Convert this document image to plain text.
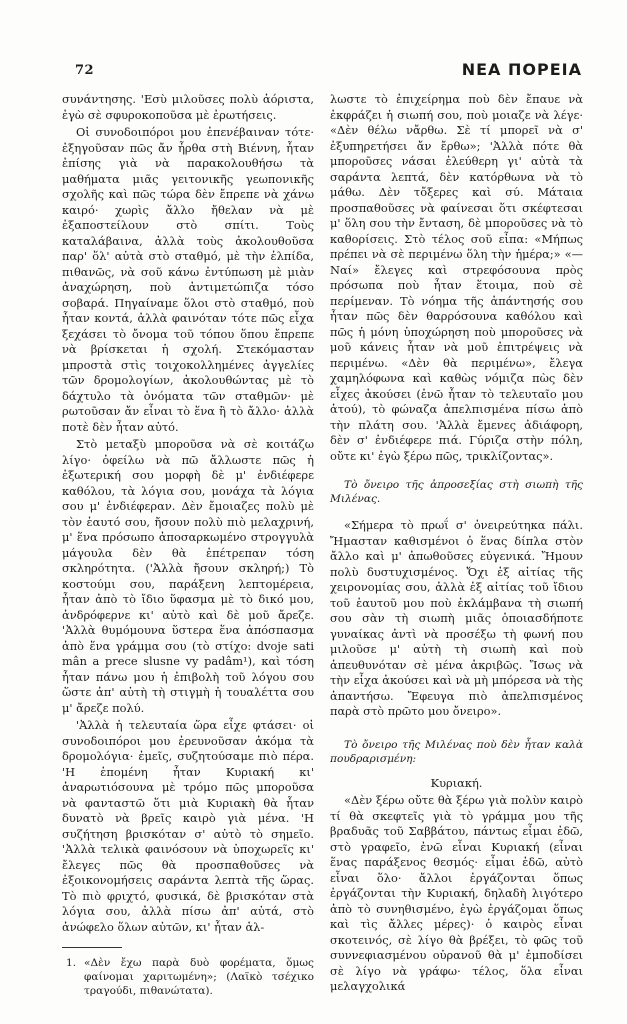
72	ΝΕΑ ΠΟΡΕΙΑ

συνάντησης. 'Εσὺ μιλοῦσες πολὺ ἀόριστα, ἐγὼ σὲ σφυροκοποῦσα μὲ ἐρωτήσεις.

Οἱ συνοδοιπόροι μου ἐπενέβαιναν τότε· ἐξηγοῦσαν πῶς ἄν ἦρθα στὴ Βιέννη, ἦταν ἐπίσης γιὰ νὰ παρακολουθήσω τὰ μαθήματα μιᾶς γειτονικῆς γεωπονικῆς σχολῆς καὶ πῶς τώρα δὲν ἔπρεπε νὰ χάνω καιρό· χωρὶς ἄλλο ἤθελαν νὰ μὲ ἐξαποστείλουν στὸ σπίτι. Τοὺς καταλάβαινα, ἀλλὰ τοὺς ἀκολουθοῦσα παρ' ὅλ' αὐτὰ στὸ σταθμό, μὲ τὴν ἐλπίδα, πιθανῶς, νὰ σοῦ κάνω ἐντύπωση μὲ μιὰν ἀναχώρηση, ποὺ ἀντιμετώπιζα τόσο σοβαρά. Πηγαίναμε ὅλοι στὸ σταθμό, ποὺ ἦταν κοντά, ἀλλὰ φαινόταν τότε πῶς εἶχα ξεχάσει τὸ ὄνομα τοῦ τόπου ὅπου ἔπρεπε νὰ βρίσκεται ἡ σχολή. Στεκόμασταν μπροστὰ στὶς τοιχοκολλημένες ἀγγελίες τῶν δρομολογίων, ἀκολουθώντας μὲ τὸ δάχτυλο τὰ ὀνόματα τῶν σταθμῶν· μὲ ρωτοῦσαν ἄν εἶναι τὸ ἕνα ἢ τὸ ἄλλο· ἀλλὰ ποτὲ δὲν ἦταν αὐτό.

Στὸ μεταξὺ μποροῦσα νὰ σὲ κοιτάζω λίγο· ὀφείλω νὰ πῶ ἄλλωστε πῶς ἡ ἐξωτερική σου μορφὴ δὲ μ' ἐνδιέφερε καθόλου, τὰ λόγια σου, μονάχα τὰ λόγια σου μ' ἐνδιέφεραν. Δὲν ἔμοιαζες πολὺ μὲ τὸν ἑαυτό σου, ἤσουν πολὺ πιὸ μελαχρινή, μ' ἕνα πρόσωπο ἀποσαρκωμένο στρογγυλὰ μάγουλα δὲν θὰ ἐπέτρεπαν τόση σκληρότητα. ('Ἀλλὰ ἤσουν σκληρή;) Τὸ κοστούμι σου, παράξενη λεπτομέρεια, ἦταν ἀπὸ τὸ ἴδιο ὕφασμα μὲ τὸ δικό μου, ἀνδρόφερνε κι' αὐτὸ καὶ δὲ μοῦ ἄρεζε. 'Ἀλλὰ θυμόμουνα ὕστερα ἕνα ἀπόσπασμα ἀπὸ ἕνα γράμμα σου (τὸ στίχο: dvoje sati mân a prece slusne vy padâm¹), καὶ τόση ἦταν πάνω μου ἡ ἐπιβολὴ τοῦ λόγου σου ὥστε ἀπ' αὐτὴ τὴ στιγμὴ ἡ τουαλέττα σου μ' ἄρεζε πολύ.

'Ἀλλὰ ἡ τελευταία ὥρα εἶχε φτάσει· οἱ συνοδοιπόροι μου ἐρευνοῦσαν ἀκόμα τὰ δρομολόγια· ἐμεῖς, συζητούσαμε πιὸ πέρα. 'Η ἑπομένη ἦταν Κυριακή κι' ἀναρωτιόσουνα μὲ τρόμο πῶς μποροῦσα νὰ φανταστῶ ὅτι μιὰ Κυριακὴ θὰ ἦταν δυνατὸ νὰ βρεῖς καιρὸ γιὰ μένα. 'Η συζήτηση βρισκόταν σ' αὐτὸ τὸ σημεῖο. 'Ἀλλὰ τελικὰ φαινόσουν νὰ ὑποχωρεῖς κι' ἔλεγες πῶς θὰ προσπαθοῦσες νὰ ἐξοικονομήσεις σαράντα λεπτὰ τῆς ὥρας. Τὸ πιὸ φριχτό, φυσικά, δὲ βρισκόταν στὰ λόγια σου, ἀλλὰ πίσω ἀπ' αὐτά, στὸ ἀνώφελο ὅλων αὐτῶν, κι' ἦταν ἀλ-

1. «Δὲν ἔχω παρὰ δυὸ φορέματα, ὅμως φαίνομαι χαριτωμένη»; (Λαϊκὸ τσέχικο τραγούδι, πιθανώτατα).

λωστε τὸ ἐπιχείρημα ποὺ δὲν ἔπαυε νὰ ἐκφράζει ἡ σιωπή σου, ποὺ μοιαζε νὰ λέγε· «Δὲν θέλω νἄρθω. Σὲ τί μπορεῖ νὰ σ' ἐξυπηρετήσει ἄν ἔρθω»; 'Ἀλλὰ πότε θὰ μποροῦσες νάσαι ἐλεύθερη γι' αὐτὰ τὰ σαράντα λεπτά, δὲν κατόρθωνα νὰ τὸ μάθω. Δὲν τὄξερες καὶ σύ. Μάταια προσπαθοῦσες νὰ φαίνεσαι ὅτι σκέφτεσαι μ' ὅλη σου τὴν ἔνταση, δὲ μποροῦσες νὰ τὸ καθορίσεις. Στὸ τέλος σοῦ εἶπα: «Μήπως πρέπει νὰ σὲ περιμένω ὅλη τὴν ἡμέρα;» «—Ναί» ἔλεγες καὶ στρεφόσουνα πρὸς πρόσωπα ποὺ ἦταν ἕτοιμα, ποὺ σὲ περίμεναν. Τὸ νόημα τῆς ἀπάντησής σου ἦταν πῶς δὲν θαρρόσουνα καθόλου καὶ πῶς ἡ μόνη ὑποχώρηση ποὺ μποροῦσες νὰ μοῦ κάνεις ἦταν νὰ μοῦ ἐπιτρέψεις νὰ περιμένω. «Δὲν θὰ περιμένω», ἔλεγα χαμηλόφωνα καὶ καθὼς νόμιζα πὼς δὲν εἶχες ἀκούσει (ἐνῶ ἦταν τὸ τελευταῖο μου ἀτού), τὸ φώναζα ἀπελπισμένα πίσω ἀπὸ τὴν πλάτη σου. 'Ἀλλὰ ἔμενες ἀδιάφορη, δὲν σ' ἐνδιέφερε πιά. Γύριζα στὴν πόλη, οὔτε κι' ἐγὼ ξέρω πῶς, τρικλίζοντας».

Τὸ ὄνειρο τῆς ἀπροσεξίας στὴ σιωπὴ τῆς Μιλένας.

«Σήμερα τὸ πρωΐ σ' ὀνειρεύτηκα πάλι. Ἤμασταν καθισμένοι ὁ ἕνας δίπλα στὸν ἄλλο καὶ μ' ἀπωθοῦσες εὐγενικά. Ἤμουν πολὺ δυστυχισμένος. Ὄχι ἐξ αἰτίας τῆς χειρονομίας σου, ἀλλὰ ἐξ αἰτίας τοῦ ἴδιου τοῦ ἑαυτοῦ μου ποὺ ἐκλάμβανα τὴ σιωπή σου σὰν τὴ σιωπὴ μιᾶς ὁποιασδήποτε γυναίκας ἀντὶ νὰ προσέξω τὴ φωνή που μιλοῦσε μ' αὐτὴ τὴ σιωπὴ καὶ ποὺ ἀπευθυνόταν σὲ μένα ἀκριβῶς. Ἴσως νὰ τὴν εἶχα ἀκούσει καὶ νὰ μὴ μπόρεσα νὰ τὴς ἀπαντήσω. Ἔφευγα πιὸ ἀπελπισμένος παρὰ στὸ πρῶτο μου ὄνειρο».

Τὸ ὄνειρο τῆς Μιλένας ποὺ δὲν ἦταν καλὰ πουδραρισμένη:

Κυριακή.

«Δὲν ξέρω οὔτε θὰ ξέρω γιὰ πολὺν καιρὸ τί θὰ σκεφτεῖς γιὰ τὸ γράμμα μου τῆς βραδυᾶς τοῦ Σαββάτου, πάντως εἶμαι ἐδῶ, στὸ γραφεῖο, ἐνῶ εἶναι Κυριακή (εἶναι ἕνας παράξενος θεσμός· εἶμαι ἐδῶ, αὐτὸ εἶναι ὅλο· ἄλλοι ἐργάζονται ὅπως ἐργάζονται τὴν Κυριακή, δηλαδὴ λιγότερο ἀπὸ τὸ συνηθισμένο, ἐγὼ ἐργάζομαι ὅπως καὶ τὶς ἄλλες μέρες)· ὁ καιρὸς εἶναι σκοτεινός, σὲ λίγο θὰ βρέξει, τὸ φῶς τοῦ συννεφιασμένου οὐρανοῦ θὰ μ' ἐμποδίσει σὲ λίγο νὰ γράφω· τέλος, ὅλα εἶναι μελαγχολικά
